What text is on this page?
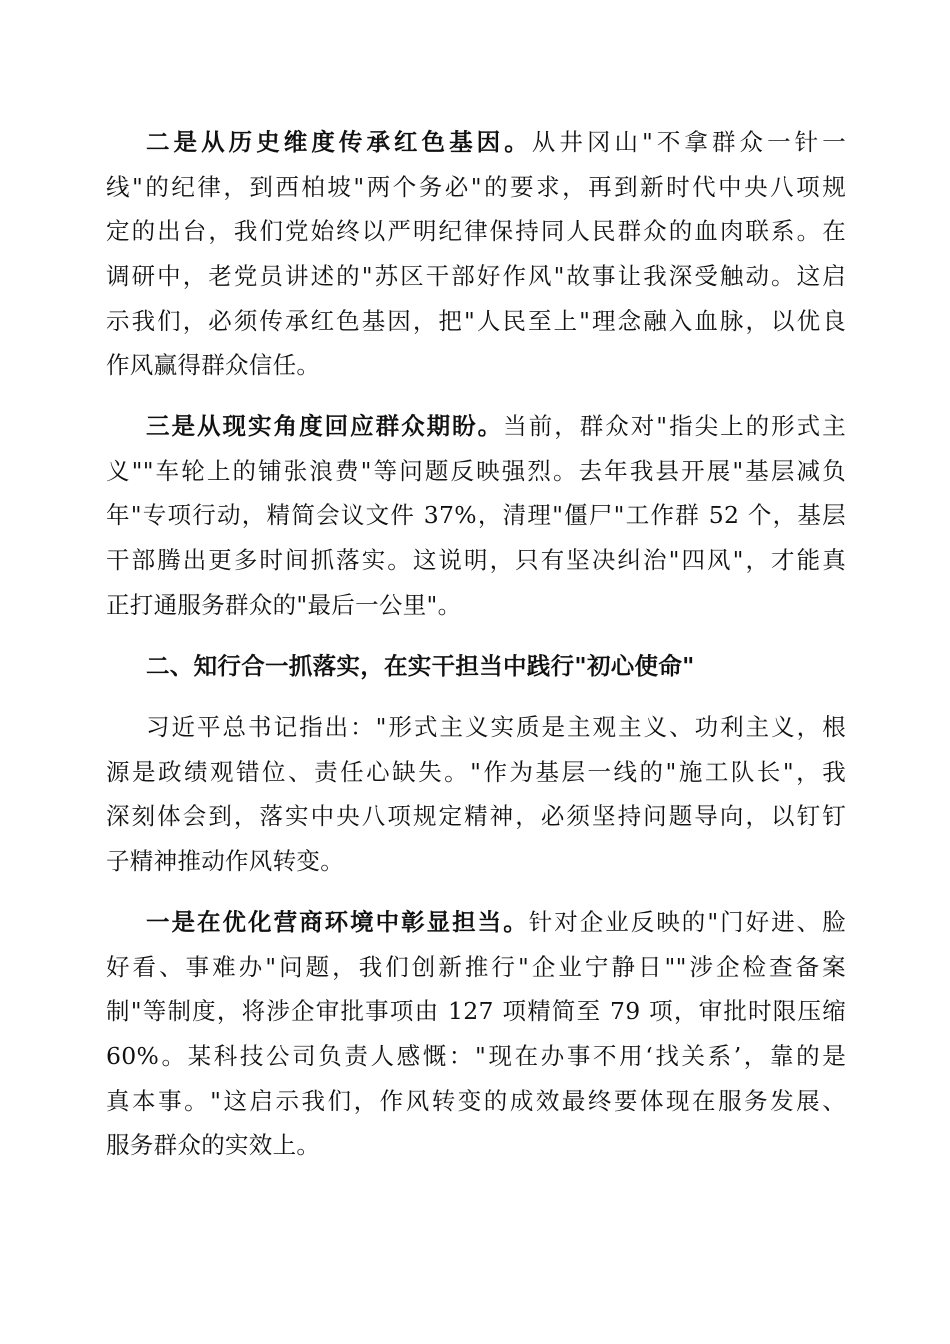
二是从历史维度传承红色基因。从井冈山"不拿群众一针一
线"的纪律，到西柏坡"两个务必"的要求，再到新时代中央八项规
定的出台，我们党始终以严明纪律保持同人民群众的血肉联系。在
调研中，老党员讲述的"苏区干部好作风"故事让我深受触动。这启
示我们，必须传承红色基因，把"人民至上"理念融入血脉，以优良
作风赢得群众信任。
三是从现实角度回应群众期盼。当前，群众对"指尖上的形式主
义""车轮上的铺张浪费"等问题反映强烈。去年我县开展"基层减负
年"专项行动，精简会议文件 37%，清理"僵尸"工作群 52 个，基层
干部腾出更多时间抓落实。这说明，只有坚决纠治"四风"，才能真
正打通服务群众的"最后一公里"。
二、知行合一抓落实，在实干担当中践行"初心使命"
习近平总书记指出："形式主义实质是主观主义、功利主义，根
源是政绩观错位、责任心缺失。"作为基层一线的"施工队长"，我
深刻体会到，落实中央八项规定精神，必须坚持问题导向，以钉钉
子精神推动作风转变。
一是在优化营商环境中彰显担当。针对企业反映的"门好进、脸
好看、事难办"问题，我们创新推行"企业宁静日""涉企检查备案
制"等制度，将涉企审批事项由 127 项精简至 79 项，审批时限压缩
60%。某科技公司负责人感慨："现在办事不用‘找关系’，靠的是
真本事。"这启示我们，作风转变的成效最终要体现在服务发展、
服务群众的实效上。
